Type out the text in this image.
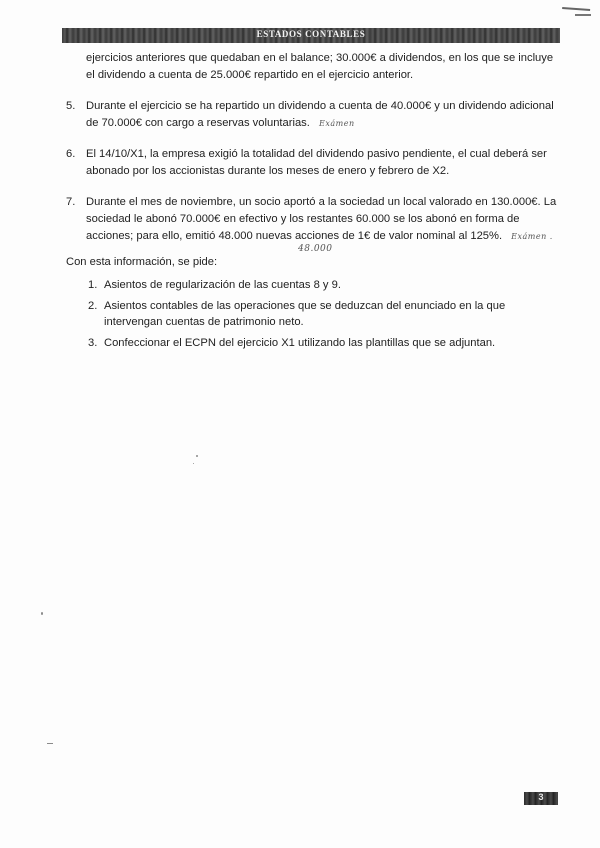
ESTADOS CONTABLES

ejercicios anteriores que quedaban en el balance; 30.000€ a dividendos, en los que se incluye

el dividendo a cuenta de 25.000€ repartido en el ejercicio anterior.

5. Durante el ejercicio se ha repartido un dividendo a cuenta de 40.000€ y un dividendo adicional

de 70.000€ con cargo a reservas voluntarias. Exámen

6. El 14/10/X1, la empresa exigió la totalidad del dividendo pasivo pendiente, el cual deberá ser

abonado por los accionistas durante los meses de enero y febrero de X2.

7. Durante el mes de noviembre, un socio aportó a la sociedad un local valorado en 130.000€. La

sociedad le abonó 70.000€ en efectivo y los restantes 60.000 se los abonó en forma de

acciones; para ello, emitió 48.000 nuevas acciones de 1€ de valor nominal al 125%. Exámen .

48.000
Con esta información, se pide:
1. Asientos de regularización de las cuentas 8 y 9.
2. Asientos contables de las operaciones que se deduzcan del enunciado en la que

intervengan cuentas de patrimonio neto.
3. Confeccionar el ECPN del ejercicio X1 utilizando las plantillas que se adjuntan.
3
